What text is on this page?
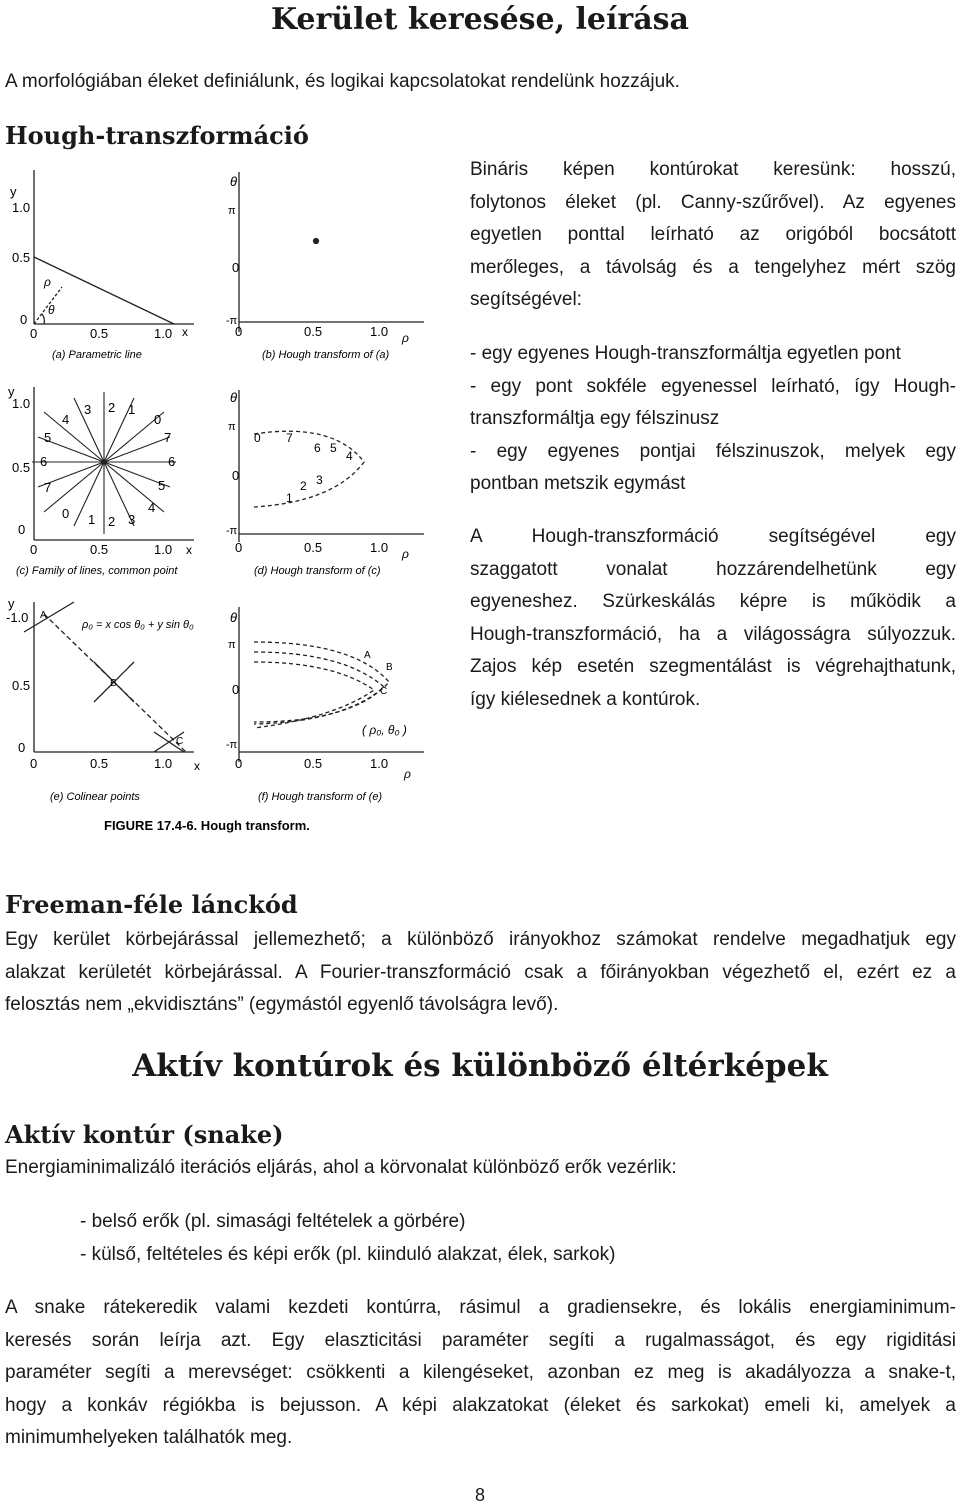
Kerület keresése, leírása
A morfológiában éleket definiálunk, és logikai kapcsolatokat rendelünk hozzájuk.
Hough-transzformáció
y
1.0
0.5
0
0	0.5	1.0 x
ρ
θ
(a) Parametric line
θ
π
0
-π
0	0.5	1.0 ρ
(b) Hough transform of (a)
y
1.0
0.5
0
0	0.5	1.0 x
6	6
5
5
4
4
3
3
2
2
1
1
7
7
0
0
(c) Family of lines, common point
θ
π
0
-π
0	0.5	1.0 ρ
0 7
6 5
4
3
2
1
(d) Hough transform of (c)
y
-1.0
0.5
0
0	0.5	1.0 x
A
B
C
ρ₀ = x cos θ₀ + y sin θ₀
(e) Colinear points
θ
π
0
-π
0	0.5	1.0
ρ
A
B
C
( ρ₀, θ₀ )
(f) Hough transform of (e)
FIGURE 17.4-6. Hough transform.
Bináris képen kontúrokat keresünk: hosszú,
folytonos éleket (pl. Canny-szűrővel). Az egyenes
egyetlen ponttal leírható az origóból bocsátott
merőleges, a távolság és a tengelyhez mért szög
segítségével:
- egy egyenes Hough-transzformáltja egyetlen pont
- egy pont sokféle egyenessel leírható, így Hough-
transzformáltja egy félszinusz
- egy egyenes pontjai félszinuszok, melyek egy
pontban metszik egymást
A Hough-transzformáció segítségével egy
szaggatott vonalat hozzárendelhetünk egy
egyeneshez. Szürkeskálás képre is működik a
Hough-transzformáció, ha a világosságra súlyozzuk.
Zajos kép esetén szegmentálást is végrehajthatunk,
így kiélesednek a kontúrok.
Freeman-féle lánckód
Egy kerület körbejárással jellemezhető; a különböző irányokhoz számokat rendelve megadhatjuk egy
alakzat kerületét körbejárással. A Fourier-transzformáció csak a főirányokban végezhető el, ezért ez a
felosztás nem „ekvidisztáns” (egymástól egyenlő távolságra levő).
Aktív kontúrok és különböző éltérképek
Aktív kontúr (snake)
Energiaminimalizáló iterációs eljárás, ahol a körvonalat különböző erők vezérlik:
- belső erők (pl. simasági feltételek a görbére)
- külső, feltételes és képi erők (pl. kiinduló alakzat, élek, sarkok)
A snake rátekeredik valami kezdeti kontúrra, rásimul a gradiensekre, és lokális energiaminimum-
keresés során leírja azt. Egy elaszticitási paraméter segíti a rugalmasságot, és egy rigiditási
paraméter segíti a merevséget: csökkenti a kilengéseket, azonban ez meg is akadályozza a snake-t,
hogy a konkáv régiókba is bejusson. A képi alakzatokat (éleket és sarkokat) emeli ki, amelyek a
minimumhelyeken találhatók meg.
8
